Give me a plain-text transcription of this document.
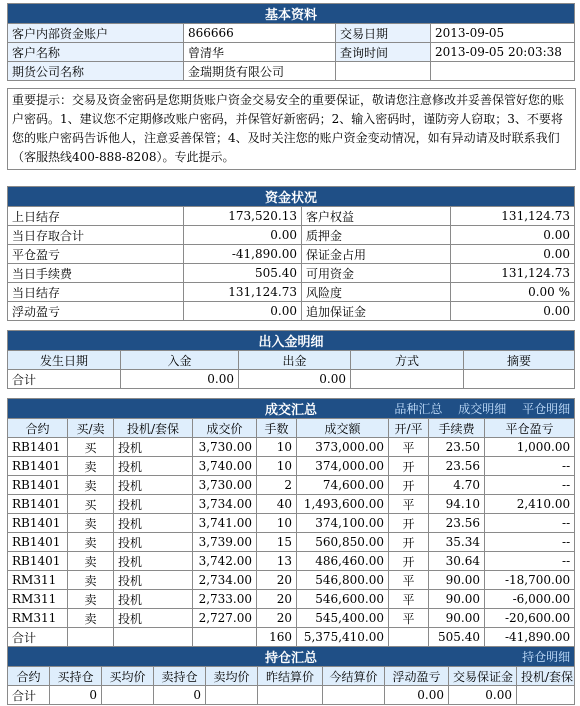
基本资料			
客户内部资金账户	866666	交易日期	2013-09-05
客户名称	曾清华	查询时间	2013-09-05 20:03:38
期货公司名称	金瑞期货有限公司		
重要提示：交易及资金密码是您期货账户资金交易安全的重要保证，敬请您注意修改并妥善保管好您的账户密码。1、建议您不定期修改账户密码，并保管好新密码；2、输入密码时，谨防旁人窃取；3、不要将您的账户密码告诉他人，注意妥善保管；4、及时关注您的账户资金变动情况，如有异动请及时联系我们（客服热线400-888-8208）。专此提示。
资金状况			
上日结存	173,520.13	客户权益	131,124.73
当日存取合计	0.00	质押金	0.00
平仓盈亏	-41,890.00	保证金占用	0.00
当日手续费	505.40	可用资金	131,124.73
当日结存	131,124.73	风险度	0.00 %
浮动盈亏	0.00	追加保证金	0.00
出入金明细				
发生日期	入金	出金	方式	摘要
合计	0.00	0.00		
成交汇总 品种汇总 成交明细 平仓明细								

合约	买/卖	投机/套保	成交价	手数	成交额	开/平	手续费	平仓盈亏
RB1401	买	投机	3,730.00	10	373,000.00	平	23.50	1,000.00
RB1401	卖	投机	3,740.00	10	374,000.00	开	23.56	--
RB1401	卖	投机	3,730.00	2	74,600.00	开	4.70	--
RB1401	买	投机	3,734.00	40	1,493,600.00	平	94.10	2,410.00
RB1401	卖	投机	3,741.00	10	374,100.00	开	23.56	--
RB1401	卖	投机	3,739.00	15	560,850.00	开	35.34	--
RB1401	卖	投机	3,742.00	13	486,460.00	开	30.64	--
RM311	卖	投机	2,734.00	20	546,800.00	平	90.00	-18,700.00
RM311	卖	投机	2,733.00	20	546,600.00	平	90.00	-6,000.00
RM311	卖	投机	2,727.00	20	545,400.00	平	90.00	-20,600.00
合计				160	5,375,410.00		505.40	-41,890.00
持仓汇总 持仓明细									

合约	买持仓	买均价	卖持仓	卖均价	昨结算价	今结算价	浮动盈亏	交易保证金	投机/套保
合计	0		0				0.00	0.00	
